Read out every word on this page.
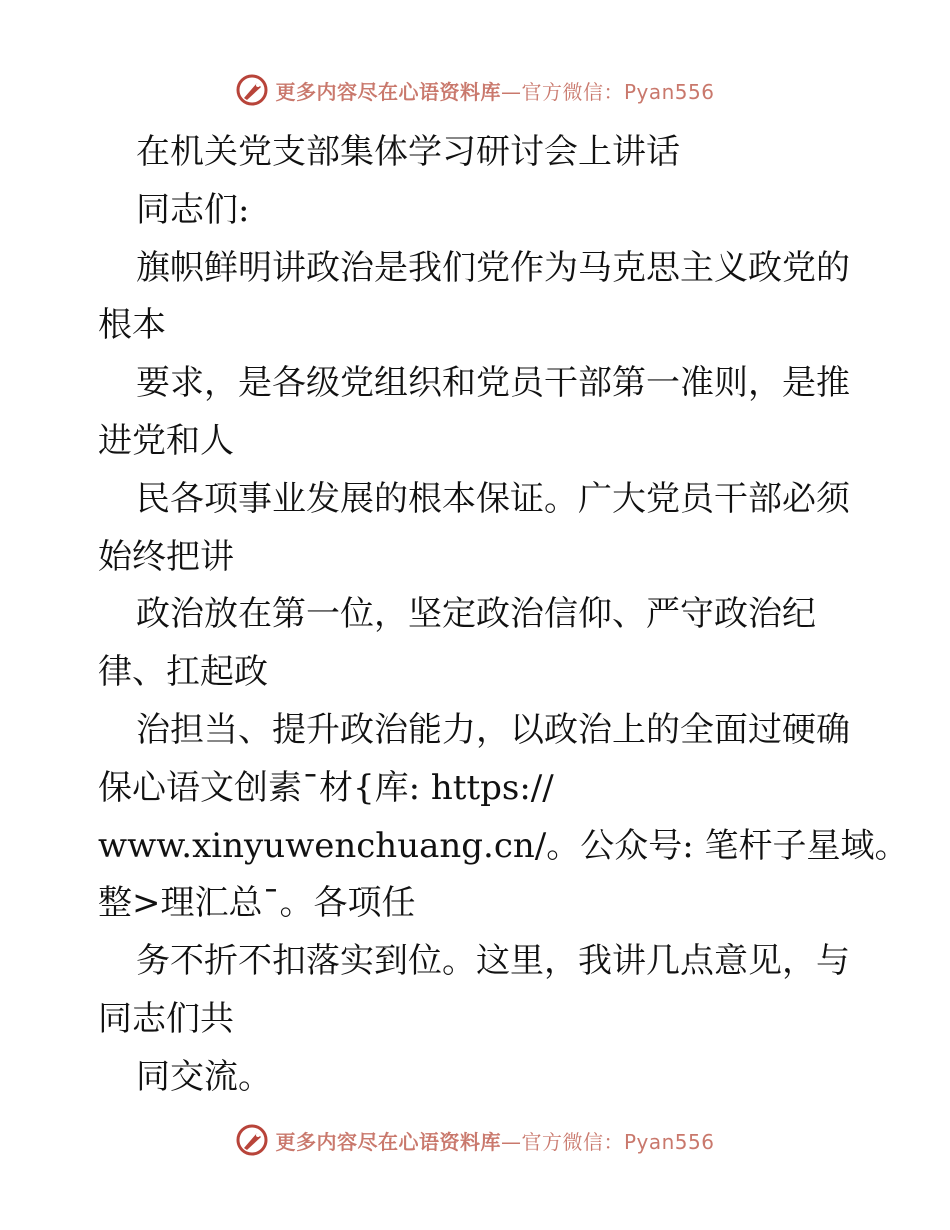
更多内容尽在心语资料库—官方微信：Pyan556
在机关党支部集体学习研讨会上讲话
同志们:
旗帜鲜明讲政治是我们党作为马克思主义政党的
根本
要求，是各级党组织和党员干部第一准则，是推
进党和人
民各项事业发展的根本保证。广大党员干部必须
始终把讲
政治放在第一位，坚定政治信仰、严守政治纪
律、扛起政
治担当、提升政治能力，以政治上的全面过硬确
保心语文创素¯材{库: https://
www.xinyuwenchuang.cn/。公众号: 笔杆子星域。
整>理汇总¯。各项任
务不折不扣落实到位。这里，我讲几点意见，与
同志们共
同交流。
更多内容尽在心语资料库—官方微信：Pyan556
